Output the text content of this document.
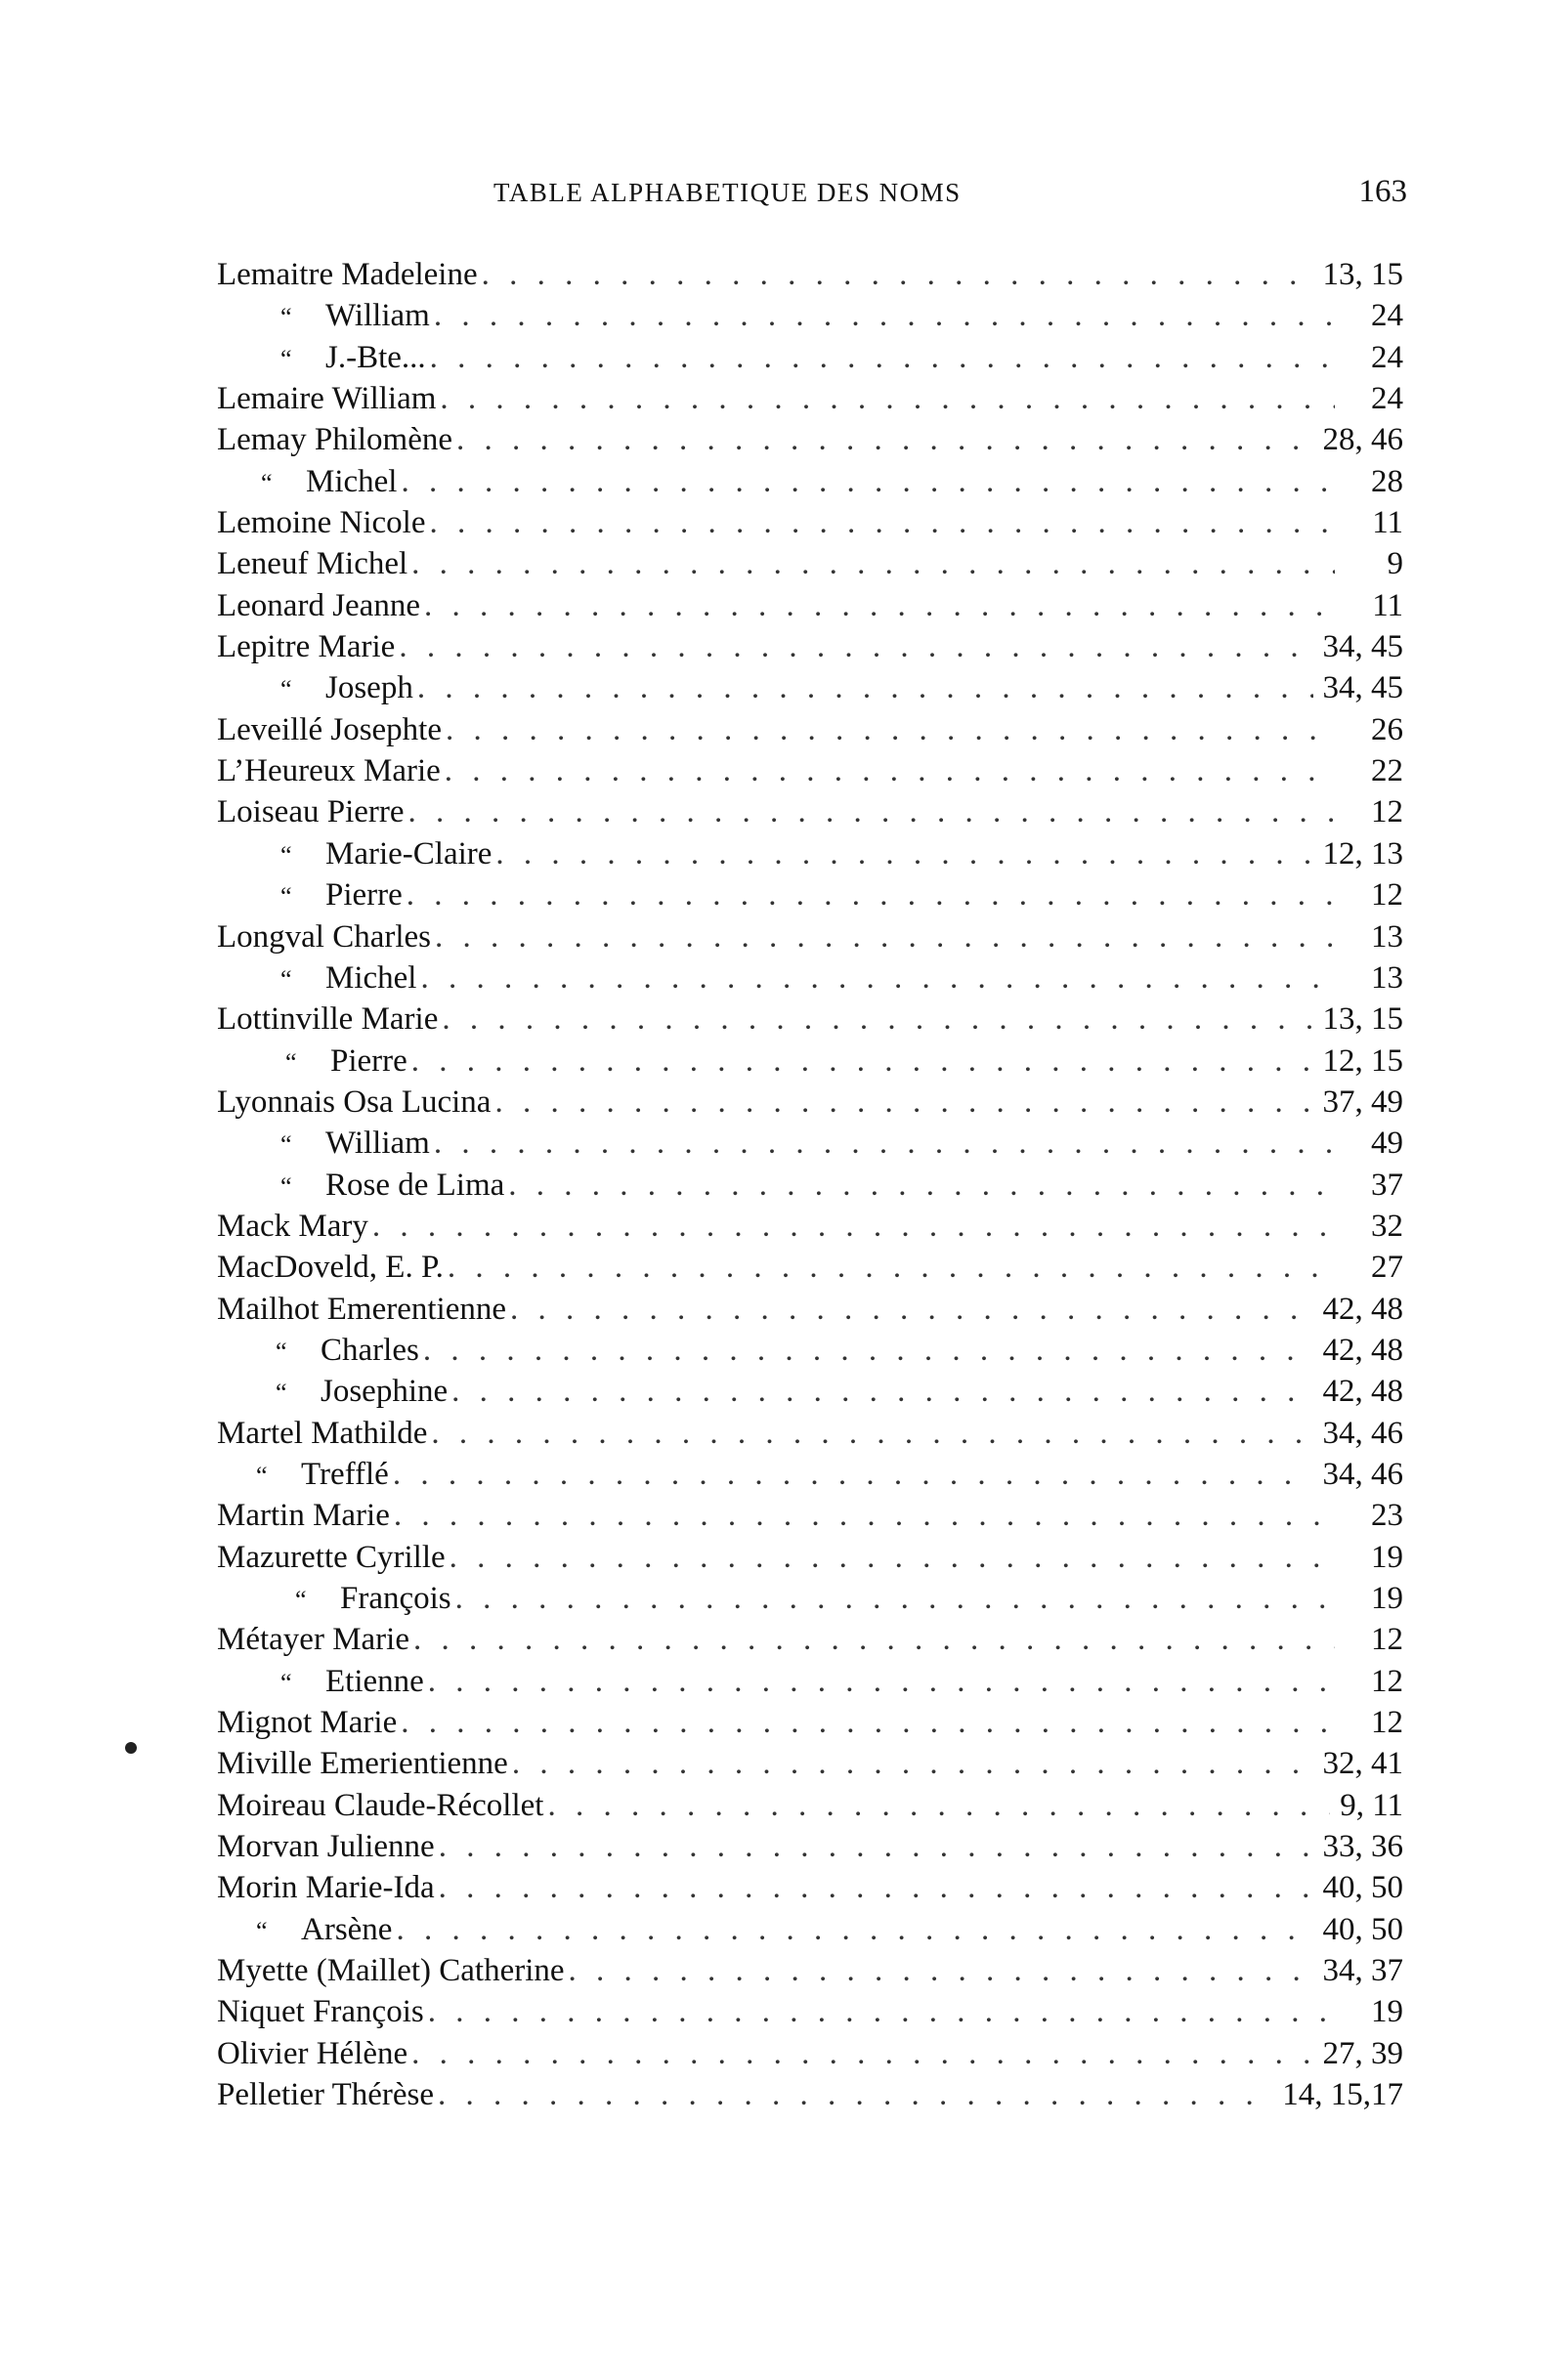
TABLE ALPHABETIQUE DES NOMS	163
Lemaitre Madeleine . . .	13, 15
“ William . . .	24
“ J.-Bte... . . .	24
Lemaire William . . .	24
Lemay Philomène . . .	28, 46
“ Michel . . .	28
Lemoine Nicole . . .	11
Leneuf Michel . . .	9
Leonard Jeanne . . .	11
Lepitre Marie . . .	34, 45
“ Joseph . . .	34, 45
Leveillé Josephte . . .	26
L’Heureux Marie . . .	22
Loiseau Pierre . . .	12
“ Marie-Claire . . .	12, 13
“ Pierre . . .	12
Longval Charles . . .	13
“ Michel . . .	13
Lottinville Marie . . .	13, 15
“ Pierre . . .	12, 15
Lyonnais Osa Lucina . . .	37, 49
“ William . . .	49
“ Rose de Lima . . .	37
Mack Mary . . .	32
MacDoveld, E. P. . . .	27
Mailhot Emerentienne . . .	42, 48
“ Charles . . .	42, 48
“ Josephine . . .	42, 48
Martel Mathilde . . .	34, 46
“ Trefflé . . .	34, 46
Martin Marie . . .	23
Mazurette Cyrille . . .	19
“ François . . .	19
Métayer Marie . . .	12
“ Etienne . . .	12
Mignot Marie . . .	12
Miville Emerientienne . . .	32, 41
Moireau Claude-Récollet . . .	9, 11
Morvan Julienne . . .	33, 36
Morin Marie-Ida . . .	40, 50
“ Arsène . . .	40, 50
Myette (Maillet) Catherine . . .	34, 37
Niquet François . . .	19
Olivier Hélène . . .	27, 39
Pelletier Thérèse . . .	14, 15,17
